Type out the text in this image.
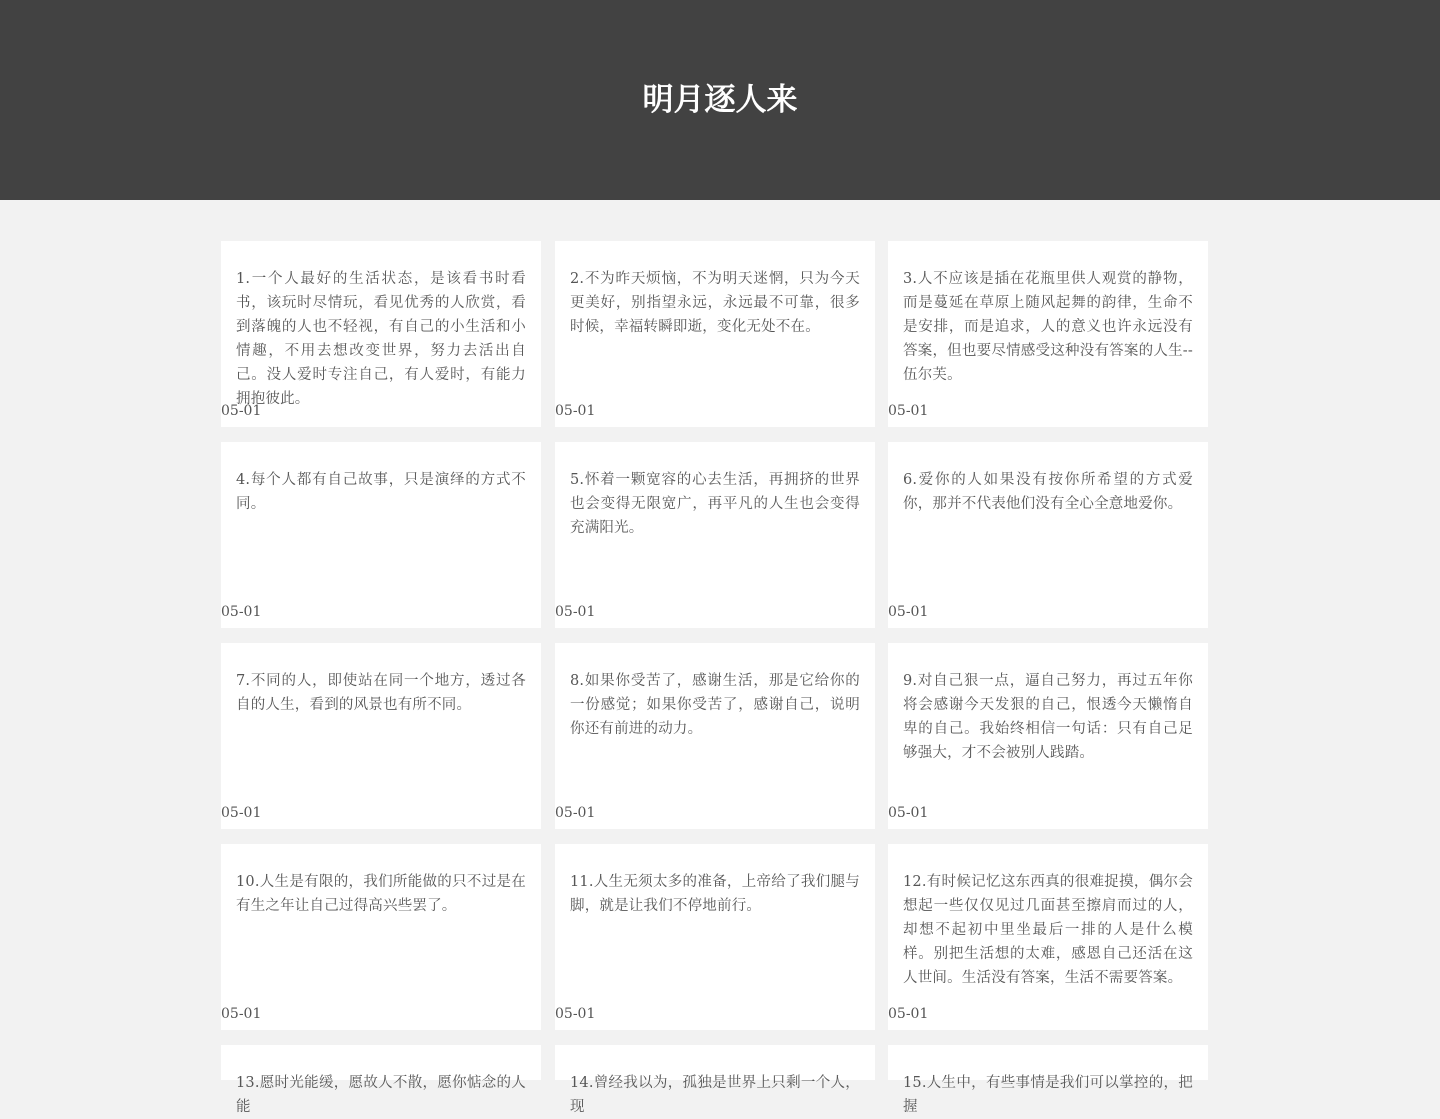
明月逐人来

1.一个人最好的生活状态，是该看书时看书，该玩时尽情玩，看见优秀的人欣赏，看到落魄的人也不轻视，有自己的小生活和小情趣，不用去想改变世界，努力去活出自己。没人爱时专注自己，有人爱时，有能力拥抱彼此。

05-01

2.不为昨天烦恼，不为明天迷惘，只为今天更美好，别指望永远，永远最不可靠，很多时候，幸福转瞬即逝，变化无处不在。

05-01

3.人不应该是插在花瓶里供人观赏的静物，而是蔓延在草原上随风起舞的韵律，生命不是安排，而是追求，人的意义也许永远没有答案，但也要尽情感受这种没有答案的人生--伍尔芙。

05-01

4.每个人都有自己故事，只是演绎的方式不同。

05-01

5.怀着一颗宽容的心去生活，再拥挤的世界也会变得无限宽广，再平凡的人生也会变得充满阳光。

05-01

6.爱你的人如果没有按你所希望的方式爱你，那并不代表他们没有全心全意地爱你。

05-01

7.不同的人，即使站在同一个地方，透过各自的人生，看到的风景也有所不同。

05-01

8.如果你受苦了，感谢生活，那是它给你的一份感觉；如果你受苦了，感谢自己，说明你还有前进的动力。

05-01

9.对自己狠一点，逼自己努力，再过五年你将会感谢今天发狠的自己，恨透今天懒惰自卑的自己。我始终相信一句话：只有自己足够强大，才不会被别人践踏。

05-01

10.人生是有限的，我们所能做的只不过是在有生之年让自己过得高兴些罢了。

05-01

11.人生无须太多的准备，上帝给了我们腿与脚，就是让我们不停地前行。

05-01

12.有时候记忆这东西真的很难捉摸，偶尔会想起一些仅仅见过几面甚至擦肩而过的人，却想不起初中里坐最后一排的人是什么模样。别把生活想的太难，感恩自己还活在这人世间。生活没有答案，生活不需要答案。

05-01

13.愿时光能缓，愿故人不散，愿你惦念的人能

14.曾经我以为，孤独是世界上只剩一个人，现

15.人生中，有些事情是我们可以掌控的，把握
